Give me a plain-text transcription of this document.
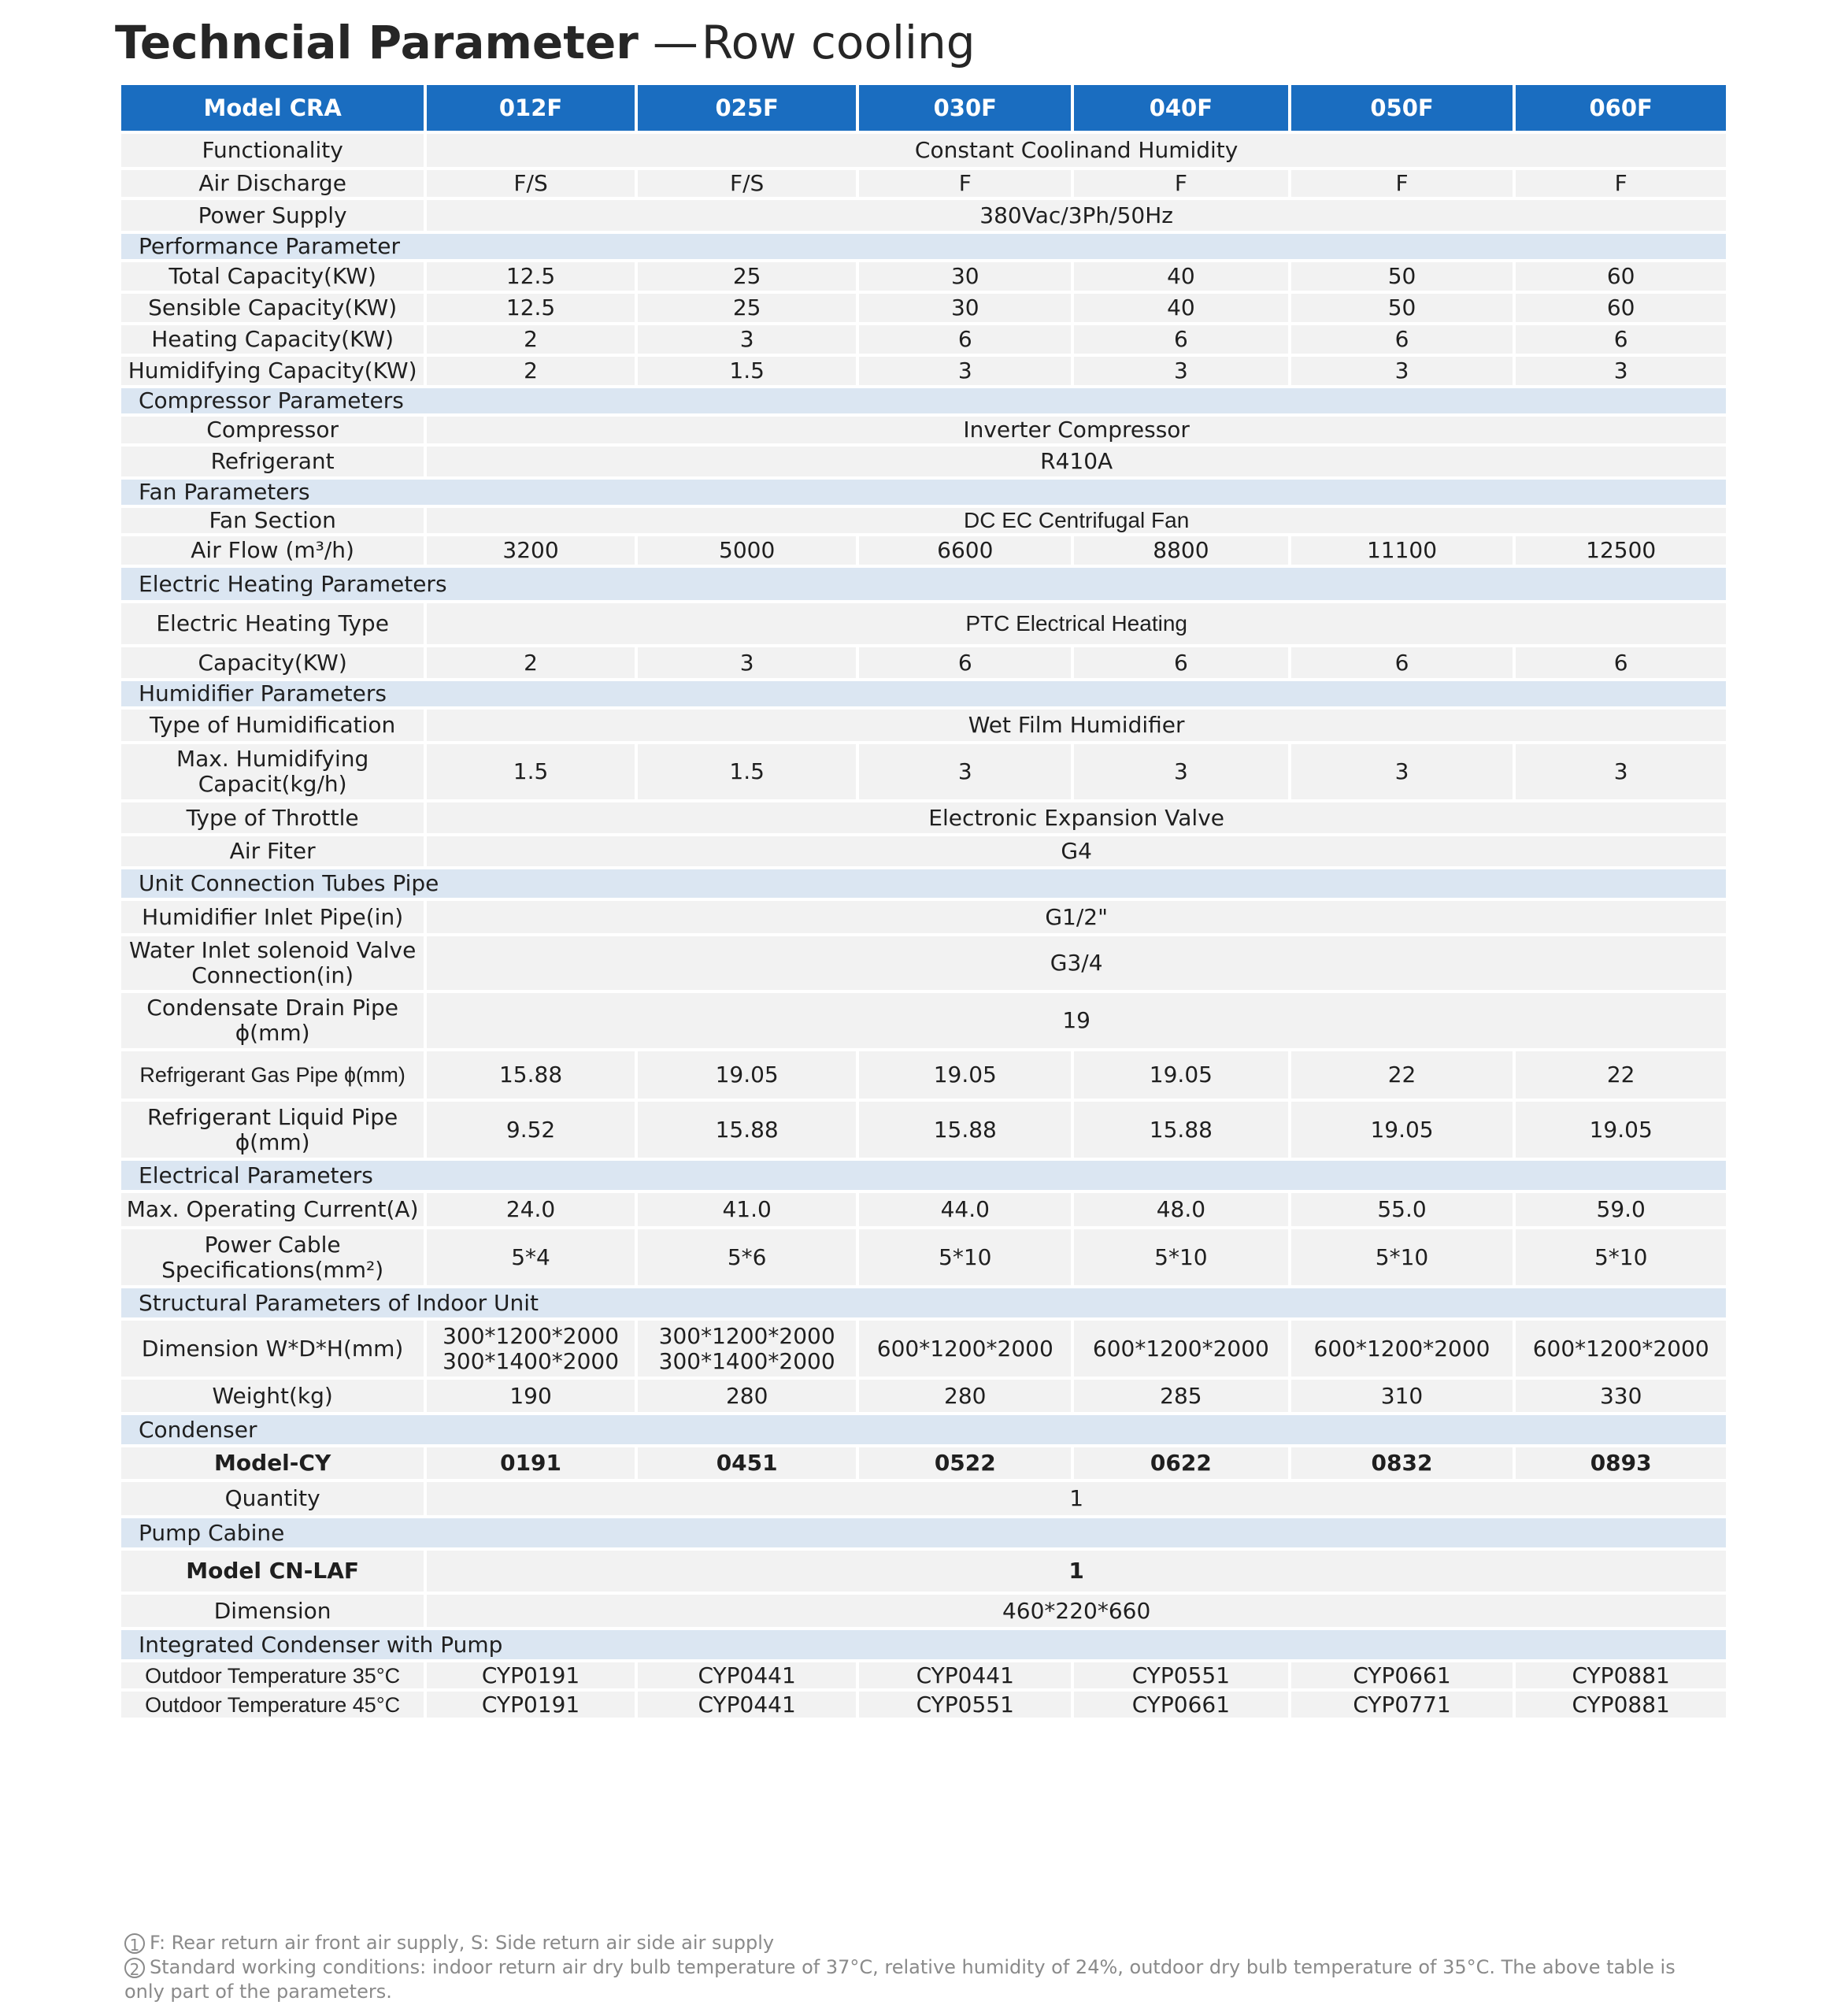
Techncial Parameter —Row cooling
Model CRA	012F	025F	030F	040F	050F	060F
Functionality	Constant Coolinand Humidity					
Air Discharge	F/S	F/S	F	F	F	F
Power Supply	380Vac/3Ph/50Hz					
Performance Parameter						
Total Capacity(KW)	12.5	25	30	40	50	60
Sensible Capacity(KW)	12.5	25	30	40	50	60
Heating Capacity(KW)	2	3	6	6	6	6
Humidifying Capacity(KW)	2	1.5	3	3	3	3
Compressor Parameters						
Compressor	Inverter Compressor					
Refrigerant	R410A					
Fan Parameters						
Fan Section	DC EC Centrifugal Fan					
Air Flow (m³/h)	3200	5000	6600	8800	11100	12500
Electric Heating Parameters						
Electric Heating Type	PTC Electrical Heating					
Capacity(KW)	2	3	6	6	6	6
Humidifier Parameters						
Type of Humidification	Wet Film Humidifier					
Max. Humidifying Capacit(kg/h)	1.5	1.5	3	3	3	3
Type of Throttle	Electronic Expansion Valve					
Air Fiter	G4					
Unit Connection Tubes Pipe						
Humidifier Inlet Pipe(in)	G1/2"					
Water Inlet solenoid Valve Connection(in)	G3/4					
Condensate Drain Pipe ɸ(mm)	19					
Refrigerant Gas Pipe ɸ(mm)	15.88	19.05	19.05	19.05	22	22
Refrigerant Liquid Pipe ɸ(mm)	9.52	15.88	15.88	15.88	19.05	19.05
Electrical Parameters						
Max. Operating Current(A)	24.0	41.0	44.0	48.0	55.0	59.0
Power Cable Specifications(mm²)	5*4	5*6	5*10	5*10	5*10	5*10
Structural Parameters of Indoor Unit						
Dimension W*D*H(mm)	300*1200*2000 300*1400*2000	300*1200*2000 300*1400*2000	600*1200*2000	600*1200*2000	600*1200*2000	600*1200*2000
Weight(kg)	190	280	280	285	310	330
Condenser						
Model-CY	0191	0451	0522	0622	0832	0893
Quantity	1					
Pump Cabine						
Model CN-LAF	1					
Dimension	460*220*660					
Integrated Condenser with Pump						
Outdoor Temperature 35°C	CYP0191	CYP0441	CYP0441	CYP0551	CYP0661	CYP0881
Outdoor Temperature 45°C	CYP0191	CYP0441	CYP0551	CYP0661	CYP0771	CYP0881
1 F: Rear return air front air supply, S: Side return air side air supply
2 Standard working conditions: indoor return air dry bulb temperature of 37°C, relative humidity of 24%, outdoor dry bulb temperature of 35°C. The above table is only part of the parameters.
